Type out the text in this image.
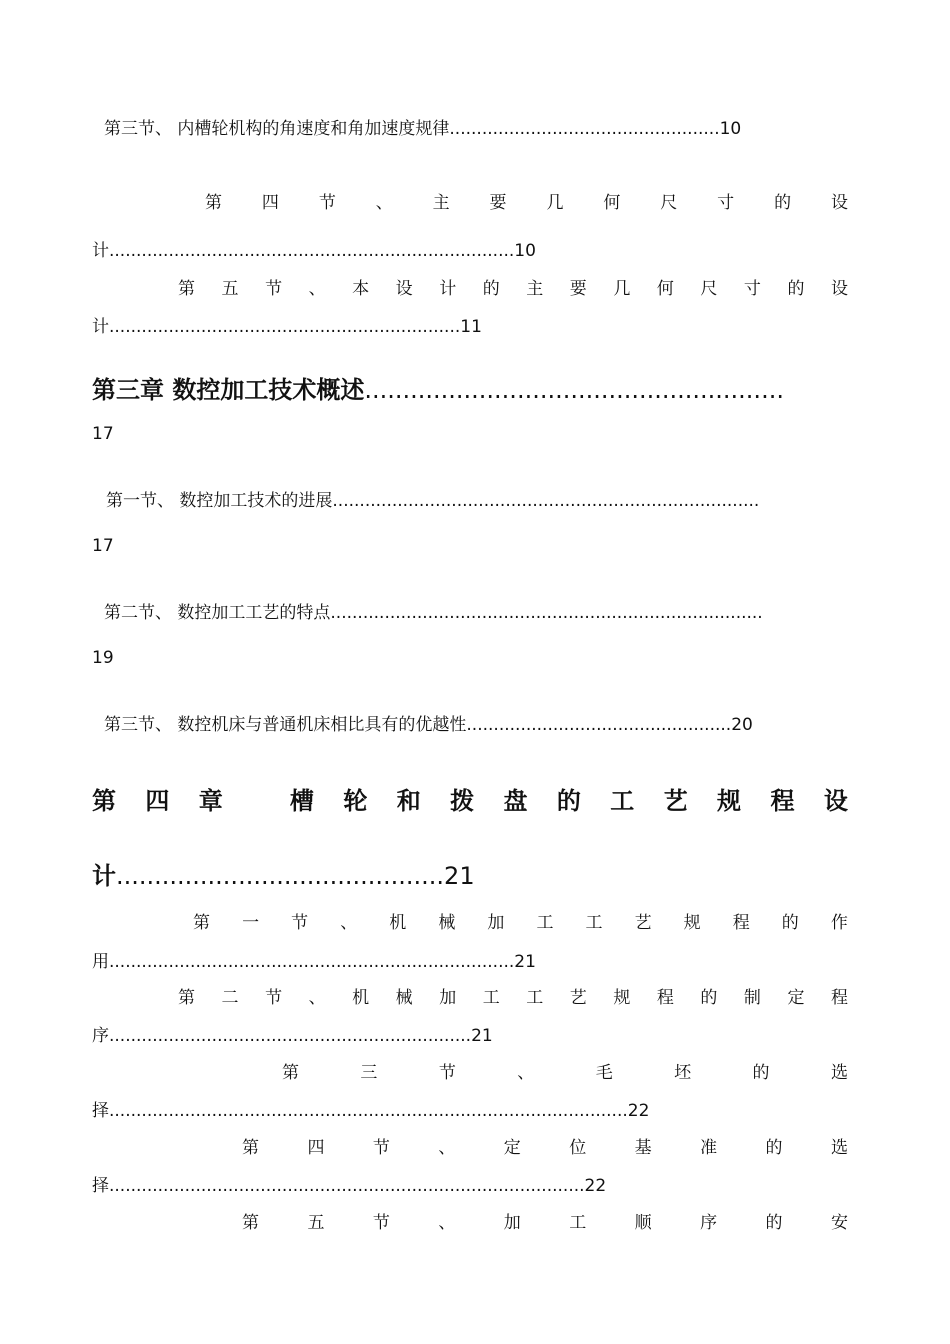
第三节、 内槽轮机构的角速度和角加速度规律..................................................10
第 四 节 、 主 要 几 何 尺 寸 的 设
计...........................................................................10
第 五 节 、 本 设 计 的 主 要 几 何 尺 寸 的 设
计.................................................................11
第三章 数控加工技术概述.......................................................
17
第一节、 数控加工技术的进展...............................................................................
17
第二节、 数控加工工艺的特点................................................................................
19
第三节、 数控机床与普通机床相比具有的优越性.................................................20
第 四 章
	槽 轮 和 拨 盘 的 工 艺 规 程 设
计...........................................21
第 一 节 、 机 械 加 工 工 艺 规 程 的 作
用...........................................................................21
第 二 节 、 机 械 加 工 工 艺 规 程 的 制 定 程
序...................................................................21
第	三	节	、	毛	坯	的	选
择................................................................................................22
第	四	节	、	定	位	基	准	的	选
择........................................................................................22
第	五	节	、	加	工	顺	序	的	安
